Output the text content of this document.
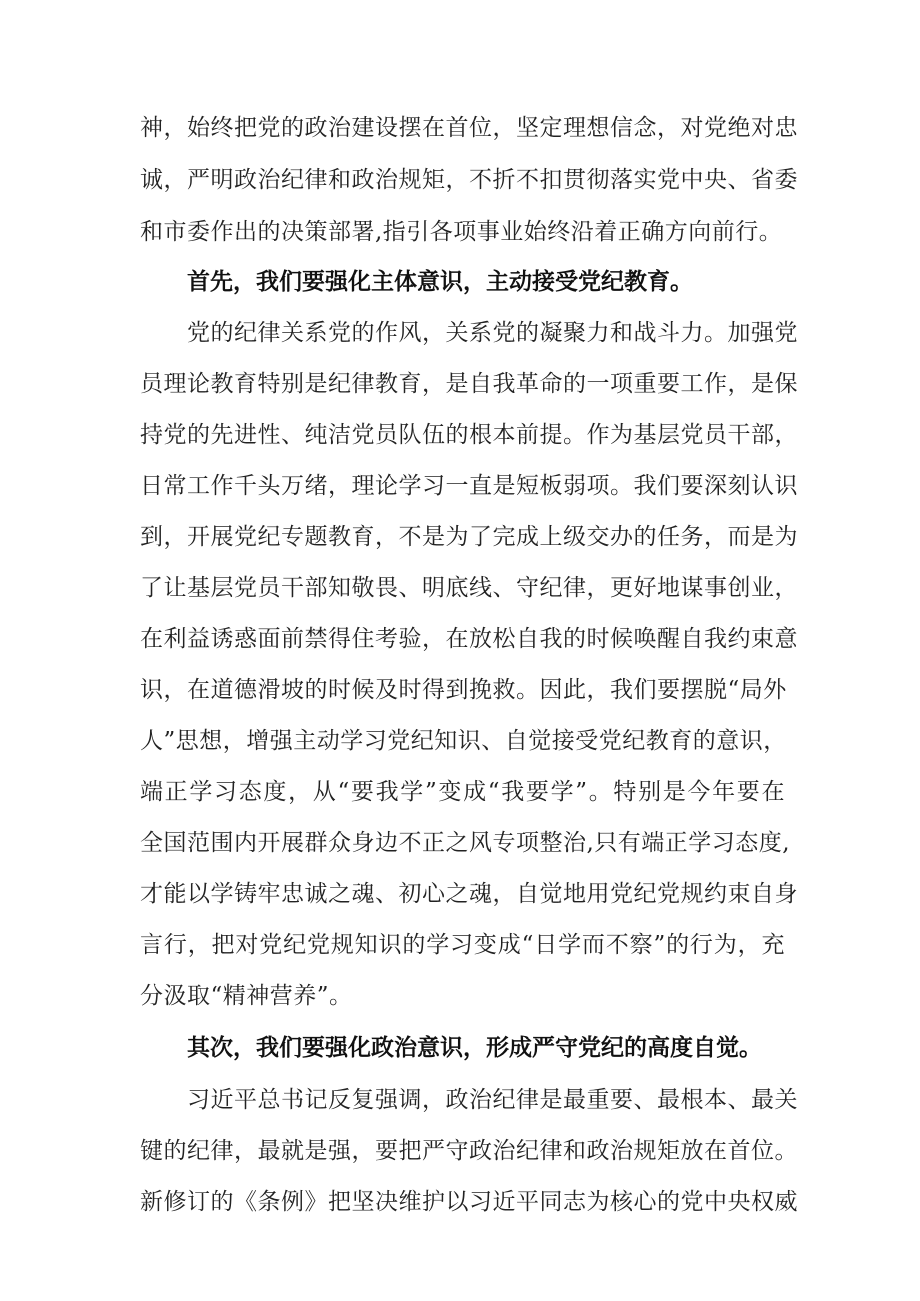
神，始终把党的政治建设摆在首位，坚定理想信念，对党绝对忠
诚，严明政治纪律和政治规矩，不折不扣贯彻落实党中央、省委
和市委作出的决策部署,指引各项事业始终沿着正确方向前行。
首先，我们要强化主体意识，主动接受党纪教育。
党的纪律关系党的作风，关系党的凝聚力和战斗力。加强党
员理论教育特别是纪律教育，是自我革命的一项重要工作，是保
持党的先进性、纯洁党员队伍的根本前提。作为基层党员干部，
日常工作千头万绪，理论学习一直是短板弱项。我们要深刻认识
到，开展党纪专题教育，不是为了完成上级交办的任务，而是为
了让基层党员干部知敬畏、明底线、守纪律，更好地谋事创业，
在利益诱惑面前禁得住考验，在放松自我的时候唤醒自我约束意
识，在道德滑坡的时候及时得到挽救。因此，我们要摆脱“局外
人”思想，增强主动学习党纪知识、自觉接受党纪教育的意识，
端正学习态度，从“要我学”变成“我要学”。特别是今年要在
全国范围内开展群众身边不正之风专项整治,只有端正学习态度,
才能以学铸牢忠诚之魂、初心之魂，自觉地用党纪党规约束自身
言行，把对党纪党规知识的学习变成“日学而不察”的行为，充
分汲取“精神营养”。
其次，我们要强化政治意识，形成严守党纪的高度自觉。
习近平总书记反复强调，政治纪律是最重要、最根本、最关
键的纪律，最就是强，要把严守政治纪律和政治规矩放在首位。
新修订的《条例》把坚决维护以习近平同志为核心的党中央权威
